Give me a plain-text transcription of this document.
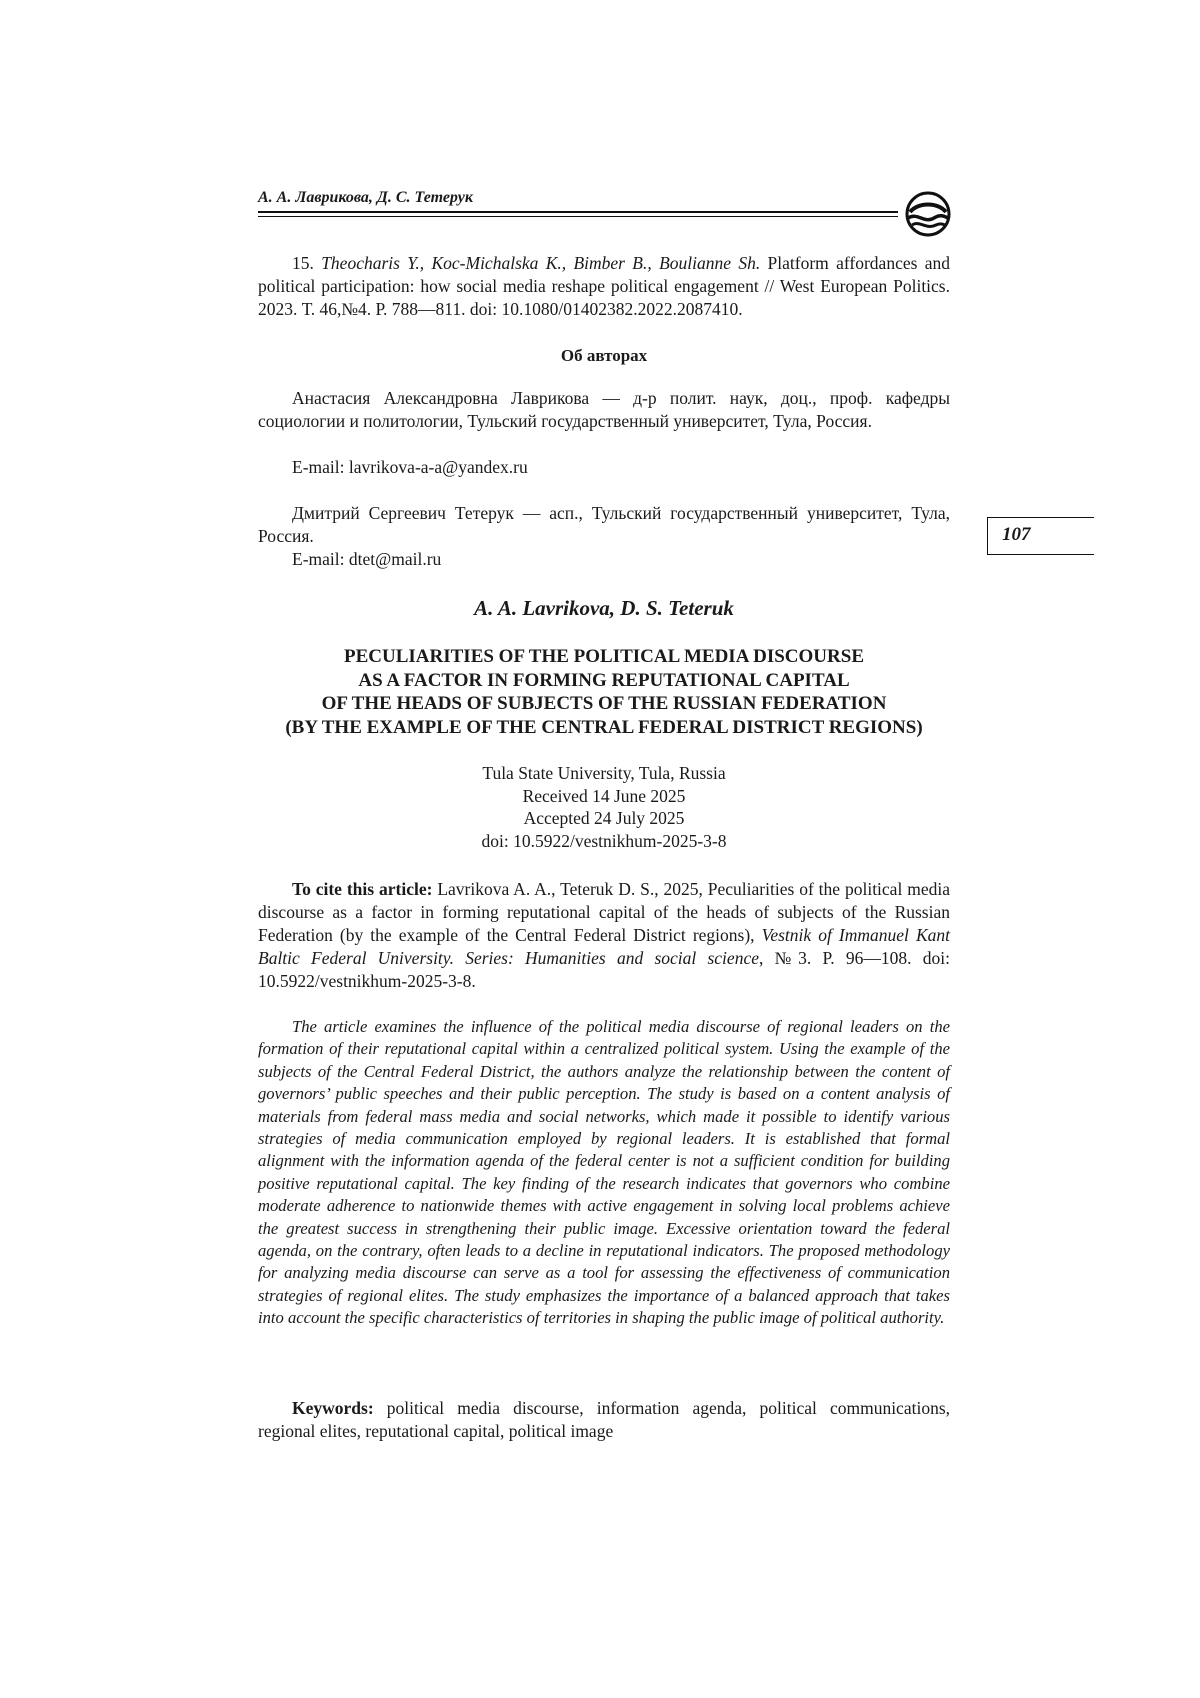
А. А. Лаврикова, Д. С. Тетерук
107
15. Theocharis Y., Koc-Michalska K., Bimber B., Boulianne Sh. Platform affordances and political participation: how social media reshape political engagement // West European Politics. 2023. Т. 46,№4. Р. 788—811. doi: 10.1080/01402382.2022.2087410.
Об авторах
Анастасия Александровна Лаврикова — д-р полит. наук, доц., проф. кафедры социологии и политологии, Тульский государственный университет, Тула, Россия.
E-mail: lavrikova-a-a@yandex.ru
Дмитрий Сергеевич Тетерук — асп., Тульский государственный университет, Тула, Россия.
E-mail: dtet@mail.ru
A. A. Lavrikova, D. S. Teteruk
PECULIARITIES OF THE POLITICAL MEDIA DISCOURSE
AS A FACTOR IN FORMING REPUTATIONAL CAPITAL
OF THE HEADS OF SUBJECTS OF THE RUSSIAN FEDERATION
(BY THE EXAMPLE OF THE CENTRAL FEDERAL DISTRICT REGIONS)
Tula State University, Tula, Russia
Received 14 June 2025
Accepted 24 July 2025
doi: 10.5922/vestnikhum-2025-3-8
To cite this article: Lavrikova A. A., Teteruk D. S., 2025, Peculiarities of the political media discourse as a factor in forming reputational capital of the heads of subjects of the Russian Federation (by the example of the Central Federal District regions), Vestnik of Immanuel Kant Baltic Federal University. Series: Humanities and social science, №3. P. 96—108. doi: 10.5922/vestnikhum-2025-3-8.
The article examines the influence of the political media discourse of regional leaders on the formation of their reputational capital within a centralized political system. Using the example of the subjects of the Central Federal District, the authors analyze the relationship between the content of governors’ public speeches and their public perception. The study is based on a content analysis of materials from federal mass media and social networks, which made it possible to identify various strategies of media communication employed by regional leaders. It is established that formal alignment with the information agenda of the federal center is not a sufficient condition for building positive reputational capital. The key finding of the research indicates that governors who combine moderate adherence to nationwide themes with active engagement in solving local problems achieve the greatest success in strengthening their public image. Excessive orientation toward the federal agenda, on the contrary, often leads to a decline in reputational indicators. The proposed methodology for analyzing media discourse can serve as a tool for assessing the effectiveness of communication strategies of regional elites. The study emphasizes the importance of a balanced approach that takes into account the specific characteristics of territories in shaping the public image of political authority.
Keywords: political media discourse, information agenda, political communications, regional elites, reputational capital, political image
